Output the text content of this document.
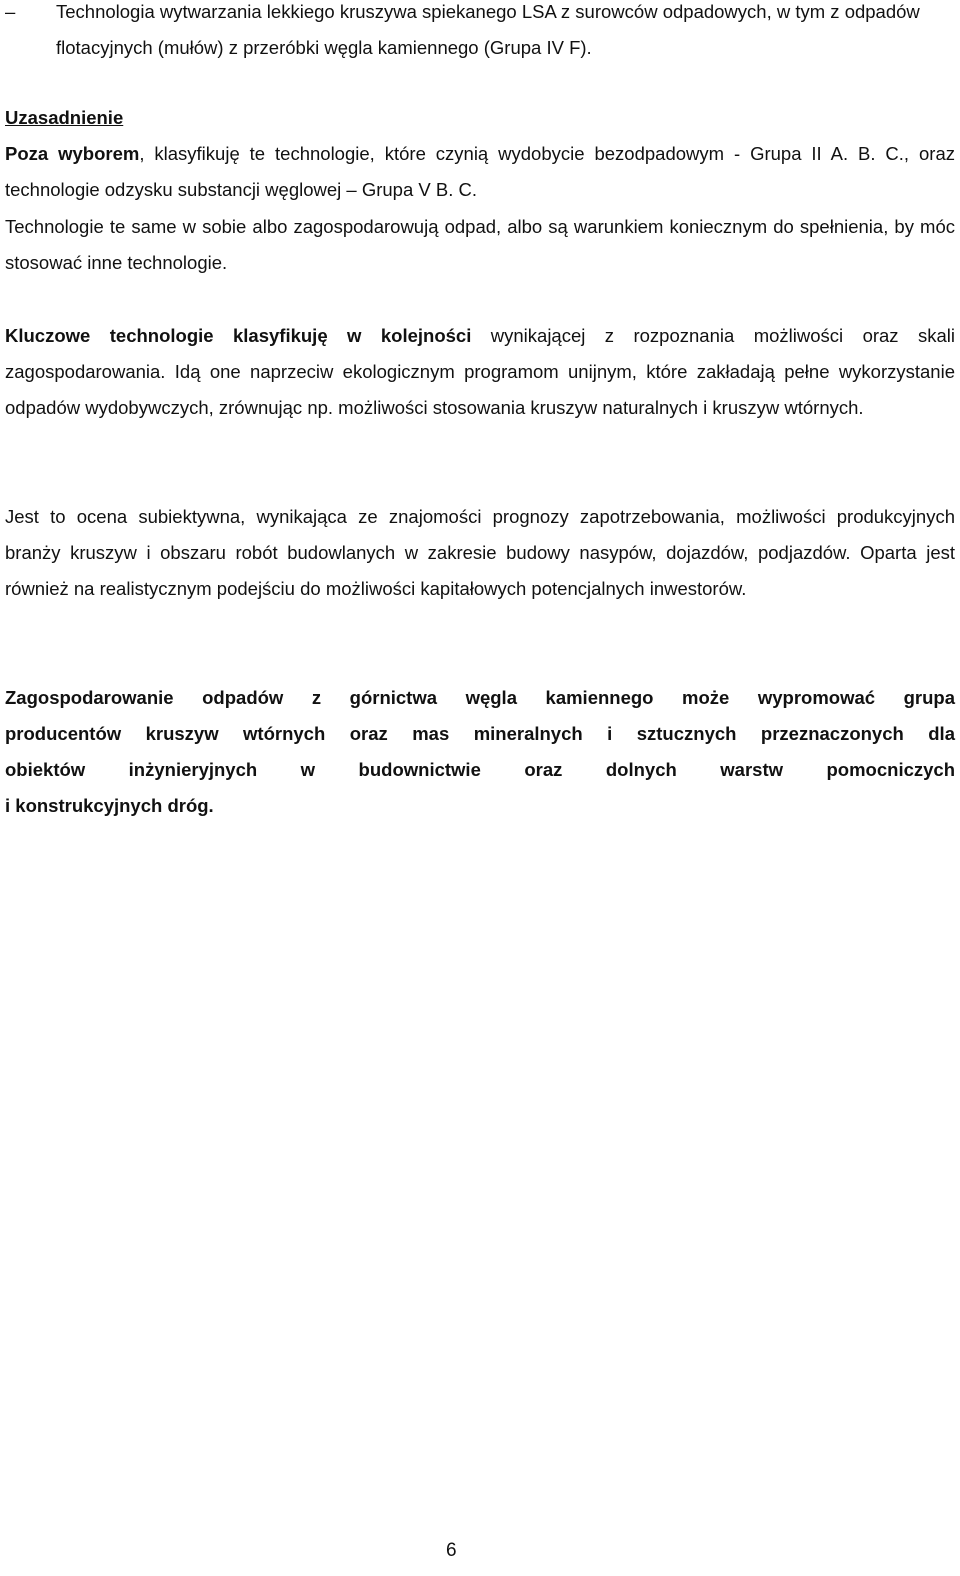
–	Technologia wytwarzania lekkiego kruszywa spiekanego LSA z surowców odpadowych, w tym z odpadów flotacyjnych (mułów) z przeróbki węgla kamiennego (Grupa IV F).
Uzasadnienie
Poza wyborem, klasyfikuję te technologie, które czynią wydobycie bezodpadowym - Grupa II A. B. C., oraz technologie odzysku substancji węglowej – Grupa V B. C.
Technologie te same w sobie albo zagospodarowują odpad, albo są warunkiem koniecznym do spełnienia, by móc stosować inne technologie.
Kluczowe technologie klasyfikuję w kolejności wynikającej z rozpoznania możliwości oraz skali zagospodarowania. Idą one naprzeciw ekologicznym programom unijnym, które zakładają pełne wykorzystanie odpadów wydobywczych, zrównując np. możliwości stosowania kruszyw naturalnych i kruszyw wtórnych.
Jest to ocena subiektywna, wynikająca ze znajomości prognozy zapotrzebowania, możliwości produkcyjnych branży kruszyw i obszaru robót budowlanych w zakresie budowy nasypów, dojazdów, podjazdów. Oparta jest również na realistycznym podejściu do możliwości kapitałowych potencjalnych inwestorów.
Zagospodarowanie odpadów z górnictwa węgla kamiennego może wypromować grupa
producentów kruszyw wtórnych oraz mas mineralnych i sztucznych przeznaczonych dla
obiektów inżynieryjnych w budownictwie oraz dolnych warstw pomocniczych
i konstrukcyjnych dróg.
6
